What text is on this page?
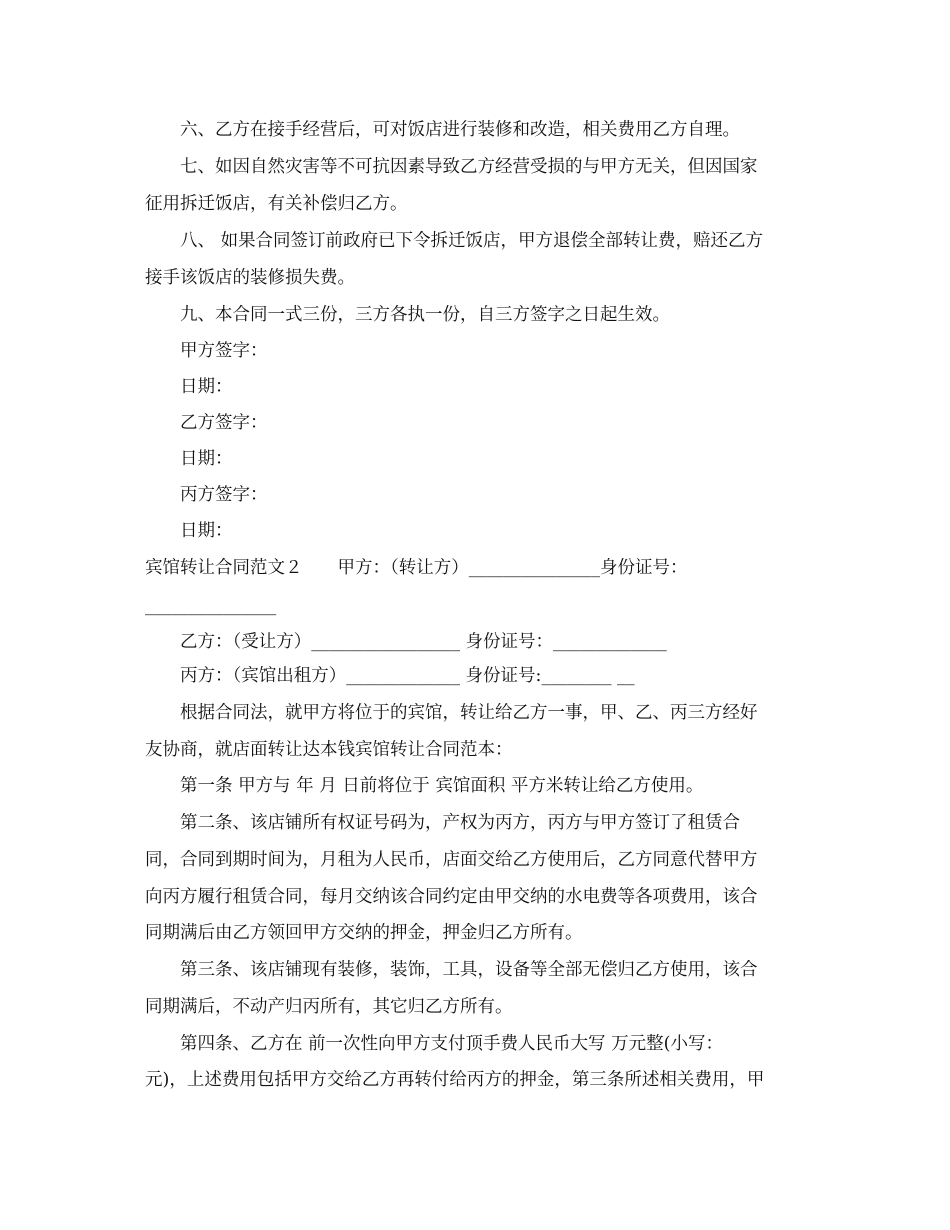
六、乙方在接手经营后，可对饭店进行装修和改造，相关费用乙方自理。
七、如因自然灾害等不可抗因素导致乙方经营受损的与甲方无关，但因国家
征用拆迁饭店，有关补偿归乙方。
八、 如果合同签订前政府已下令拆迁饭店，甲方退偿全部转让费，赔还乙方
接手该饭店的装修损失费。
九、本合同一式三份，三方各执一份，自三方签字之日起生效。
甲方签字：
日期：
乙方签字：
日期：
丙方签字：
日期：
宾馆转让合同范文２　　甲方：（转让方）_______________身份证号：
_______________
乙方：（受让方）_________________ 身份证号：_____________
丙方：（宾馆出租方）_____________ 身份证号:________ __
根据合同法，就甲方将位于的宾馆，转让给乙方一事，甲、乙、丙三方经好
友协商，就店面转让达本钱宾馆转让合同范本：
第一条 甲方与 年 月 日前将位于 宾馆面积 平方米转让给乙方使用。
第二条、该店铺所有权证号码为，产权为丙方，丙方与甲方签订了租赁合
同，合同到期时间为，月租为人民币，店面交给乙方使用后，乙方同意代替甲方
向丙方履行租赁合同，每月交纳该合同约定由甲交纳的水电费等各项费用，该合
同期满后由乙方领回甲方交纳的押金，押金归乙方所有。
第三条、该店铺现有装修，装饰，工具，设备等全部无偿归乙方使用，该合
同期满后，不动产归丙所有，其它归乙方所有。
第四条、乙方在 前一次性向甲方支付顶手费人民币大写 万元整(小写：
元)，上述费用包括甲方交给乙方再转付给丙方的押金，第三条所述相关费用，甲
